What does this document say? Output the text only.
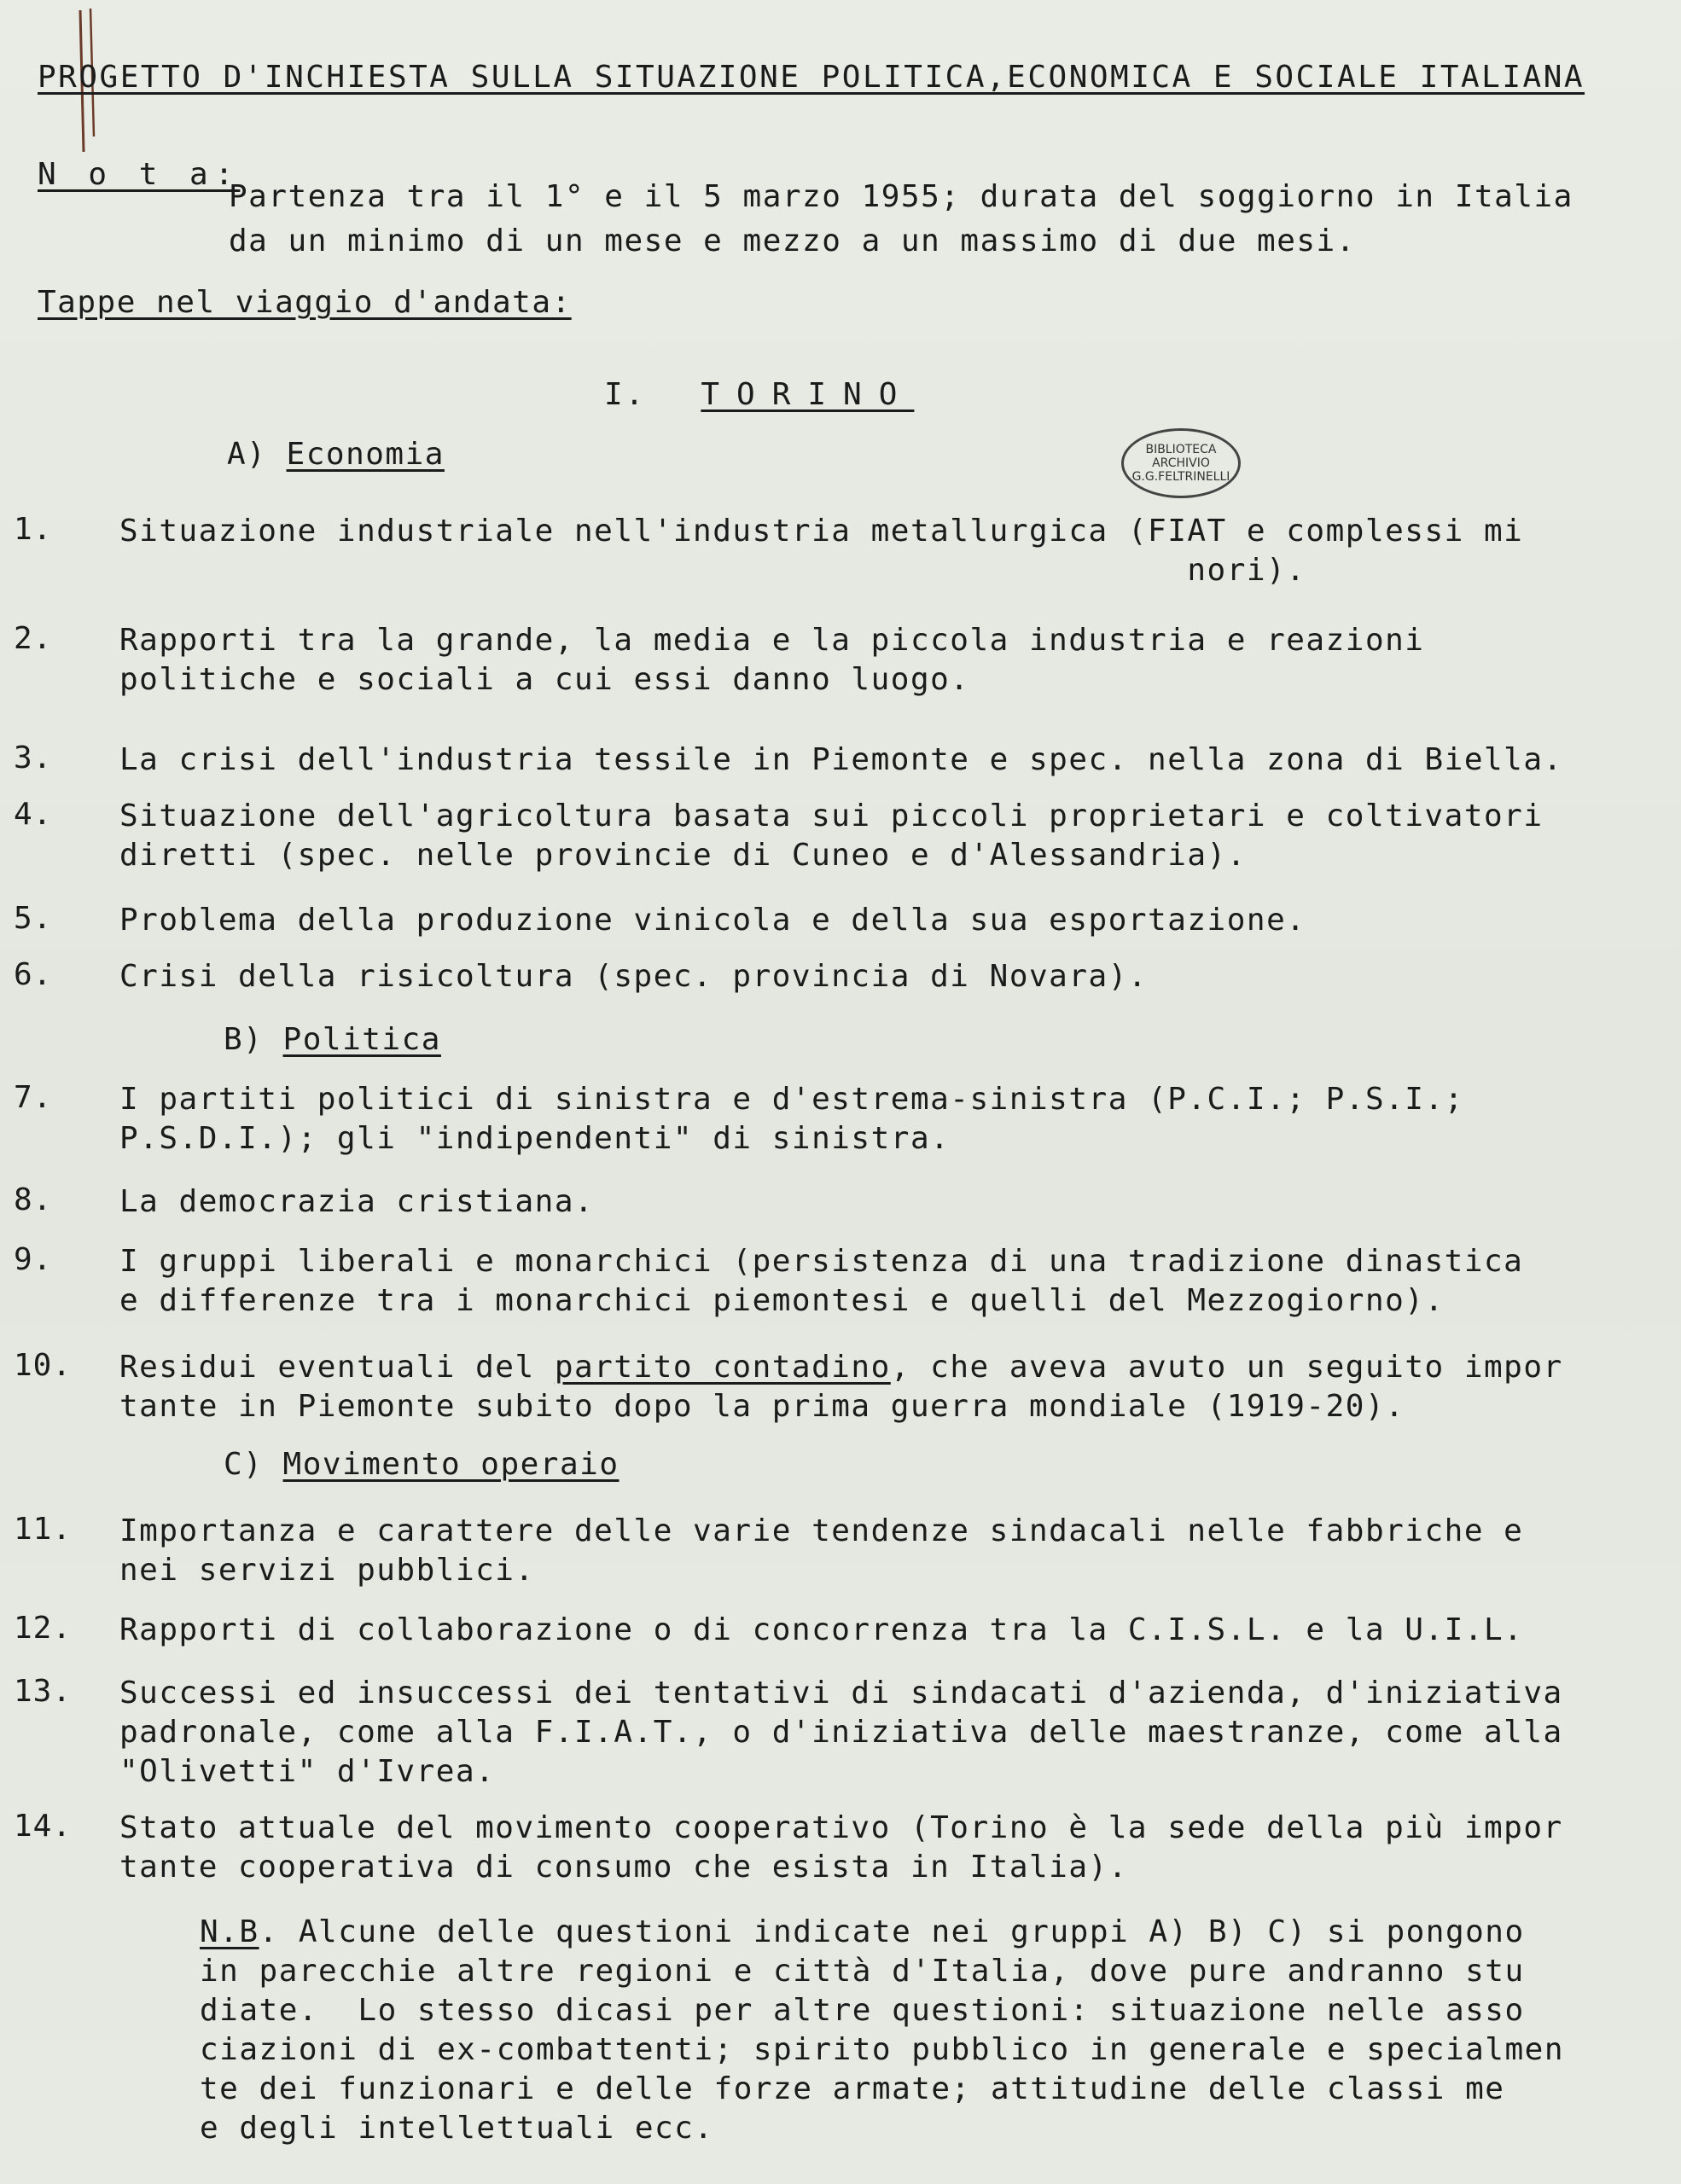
PROGETTO D'INCHIESTA SULLA SITUAZIONE POLITICA,ECONOMICA E SOCIALE ITALIANA
N o t a:
Partenza tra il 1° e il 5 marzo 1955; durata del soggiorno in Italia
da un minimo di un mese e mezzo a un massimo di due mesi.
Tappe nel viaggio d'andata:
I. TORINO
BIBLIOTECA
ARCHIVIO
G.G.FELTRINELLI
A) Economia
1.	Situazione industriale nell'industria metallurgica (FIAT e complessi mi
nori).
2.	Rapporti tra la grande, la media e la piccola industria e reazioni
politiche e sociali a cui essi danno luogo.
3.	La crisi dell'industria tessile in Piemonte e spec. nella zona di Biella.
4.	Situazione dell'agricoltura basata sui piccoli proprietari e coltivatori
diretti (spec. nelle provincie di Cuneo e d'Alessandria).
5.	Problema della produzione vinicola e della sua esportazione.
6.	Crisi della risicoltura (spec. provincia di Novara).
B) Politica
7.	I partiti politici di sinistra e d'estrema-sinistra (P.C.I.; P.S.I.;
P.S.D.I.); gli "indipendenti" di sinistra.
8.	La democrazia cristiana.
9.	I gruppi liberali e monarchici (persistenza di una tradizione dinastica
e differenze tra i monarchici piemontesi e quelli del Mezzogiorno).
10.	Residui eventuali del partito contadino, che aveva avuto un seguito impor
tante in Piemonte subito dopo la prima guerra mondiale (1919-20).
C) Movimento operaio
11.	Importanza e carattere delle varie tendenze sindacali nelle fabbriche e
nei servizi pubblici.
12.	Rapporti di collaborazione o di concorrenza tra la C.I.S.L. e la U.I.L.
13.	Successi ed insuccessi dei tentativi di sindacati d'azienda, d'iniziativa
padronale, come alla F.I.A.T., o d'iniziativa delle maestranze, come alla
"Olivetti" d'Ivrea.
14.	Stato attuale del movimento cooperativo (Torino è la sede della più impor
tante cooperativa di consumo che esista in Italia).
N.B. Alcune delle questioni indicate nei gruppi A) B) C) si pongono
in parecchie altre regioni e città d'Italia, dove pure andranno stu
diate.  Lo stesso dicasi per altre questioni: situazione nelle asso
ciazioni di ex-combattenti; spirito pubblico in generale e specialmen
te dei funzionari e delle forze armate; attitudine delle classi me
e degli intellettuali ecc.
